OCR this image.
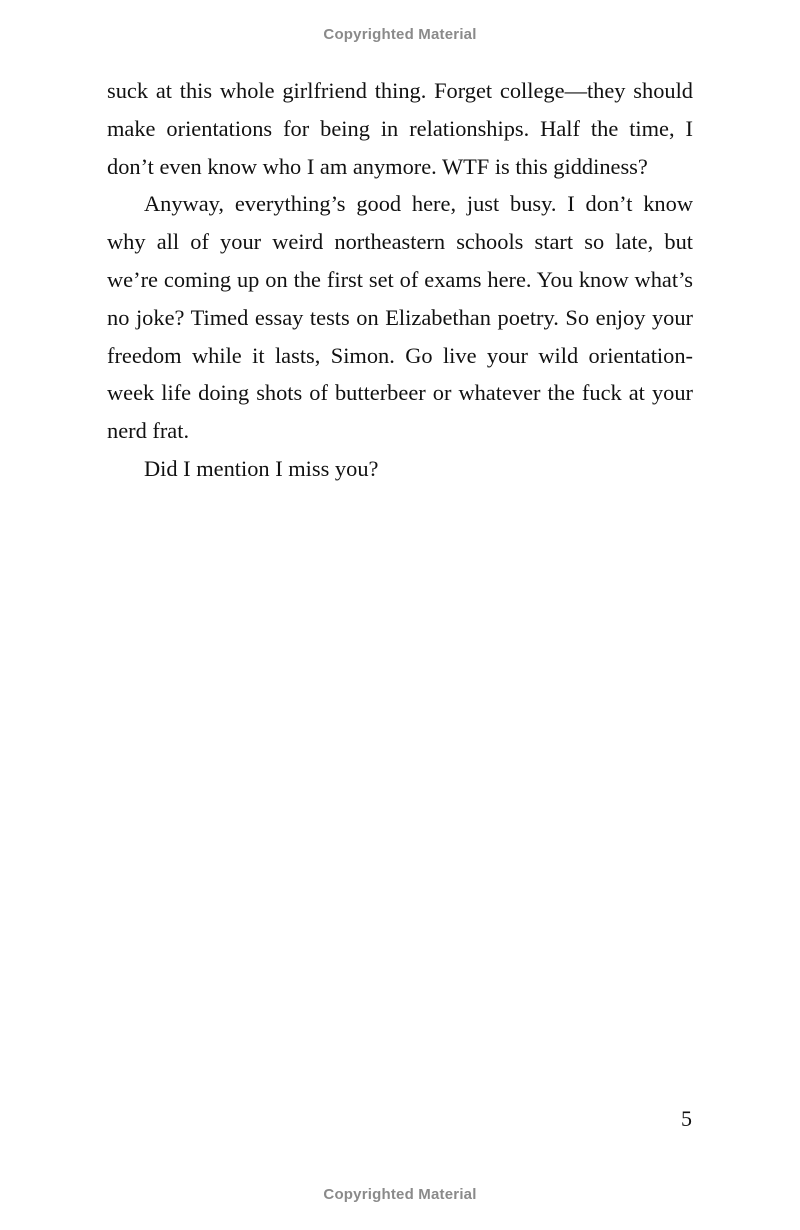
Copyrighted Material

suck at this whole girlfriend thing. Forget college—they should make orientations for being in relationships. Half the time, I don’t even know who I am anymore. WTF is this giddiness?

Anyway, everything’s good here, just busy. I don’t know why all of your weird northeastern schools start so late, but we’re coming up on the first set of exams here. You know what’s no joke? Timed essay tests on Elizabethan poetry. So enjoy your freedom while it lasts, Simon. Go live your wild orientation-week life doing shots of butterbeer or whatever the fuck at your nerd frat.

Did I mention I miss you?

5
Copyrighted Material
